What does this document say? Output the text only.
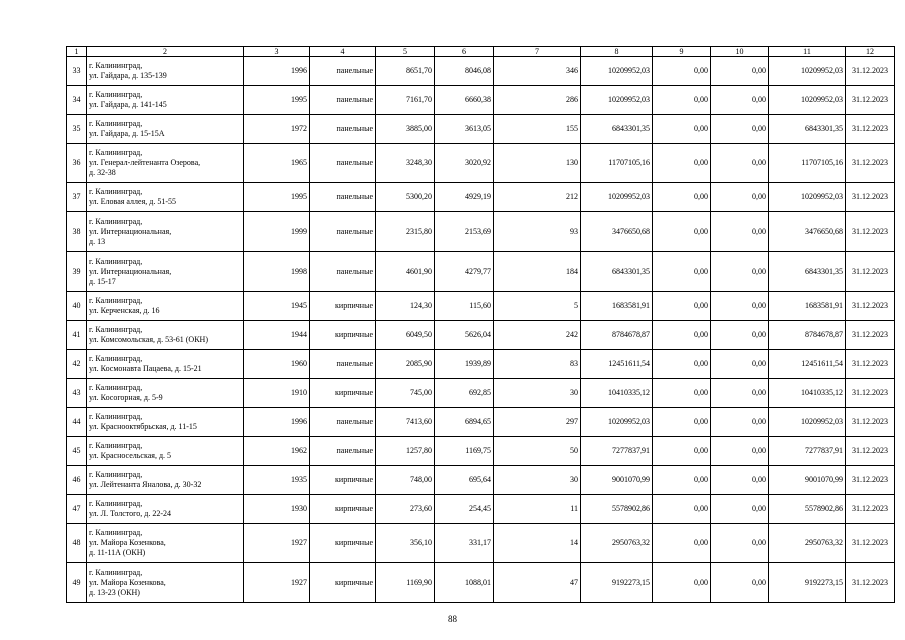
1	2	3	4	5	6	7	8	9	10	11	12
33	г. Калининград,
ул. Гайдара, д. 135-139	1996	панельные	8651,70	8046,08	346	10209952,03	0,00	0,00	10209952,03	31.12.2023
34	г. Калининград,
ул. Гайдара, д. 141-145	1995	панельные	7161,70	6660,38	286	10209952,03	0,00	0,00	10209952,03	31.12.2023
35	г. Калининград,
ул. Гайдара, д. 15-15А	1972	панельные	3885,00	3613,05	155	6843301,35	0,00	0,00	6843301,35	31.12.2023
36	г. Калининград,
ул. Генерал-лейтенанта Озерова,
д. 32-38	1965	панельные	3248,30	3020,92	130	11707105,16	0,00	0,00	11707105,16	31.12.2023
37	г. Калининград,
ул. Еловая аллея, д. 51-55	1995	панельные	5300,20	4929,19	212	10209952,03	0,00	0,00	10209952,03	31.12.2023
38	г. Калининград,
ул. Интернациональная,
д. 13	1999	панельные	2315,80	2153,69	93	3476650,68	0,00	0,00	3476650,68	31.12.2023
39	г. Калининград,
ул. Интернациональная,
д. 15-17	1998	панельные	4601,90	4279,77	184	6843301,35	0,00	0,00	6843301,35	31.12.2023
40	г. Калининград,
ул. Керченская, д. 16	1945	кирпичные	124,30	115,60	5	1683581,91	0,00	0,00	1683581,91	31.12.2023
41	г. Калининград,
ул. Комсомольская, д. 53-61 (ОКН)	1944	кирпичные	6049,50	5626,04	242	8784678,87	0,00	0,00	8784678,87	31.12.2023
42	г. Калининград,
ул. Космонавта Пацаева, д. 15-21	1960	панельные	2085,90	1939,89	83	12451611,54	0,00	0,00	12451611,54	31.12.2023
43	г. Калининград,
ул. Косогорная, д. 5-9	1910	кирпичные	745,00	692,85	30	10410335,12	0,00	0,00	10410335,12	31.12.2023
44	г. Калининград,
ул. Краснооктябрьская, д. 11-15	1996	панельные	7413,60	6894,65	297	10209952,03	0,00	0,00	10209952,03	31.12.2023
45	г. Калининград,
ул. Красносельская, д. 5	1962	панельные	1257,80	1169,75	50	7277837,91	0,00	0,00	7277837,91	31.12.2023
46	г. Калининград,
ул. Лейтенанта Яналова, д. 30-32	1935	кирпичные	748,00	695,64	30	9001070,99	0,00	0,00	9001070,99	31.12.2023
47	г. Калининград,
ул. Л. Толстого, д. 22-24	1930	кирпичные	273,60	254,45	11	5578902,86	0,00	0,00	5578902,86	31.12.2023
48	г. Калининград,
ул. Майора Козенкова,
д. 11-11А (ОКН)	1927	кирпичные	356,10	331,17	14	2950763,32	0,00	0,00	2950763,32	31.12.2023
49	г. Калининград,
ул. Майора Козенкова,
д. 13-23 (ОКН)	1927	кирпичные	1169,90	1088,01	47	9192273,15	0,00	0,00	9192273,15	31.12.2023
88
